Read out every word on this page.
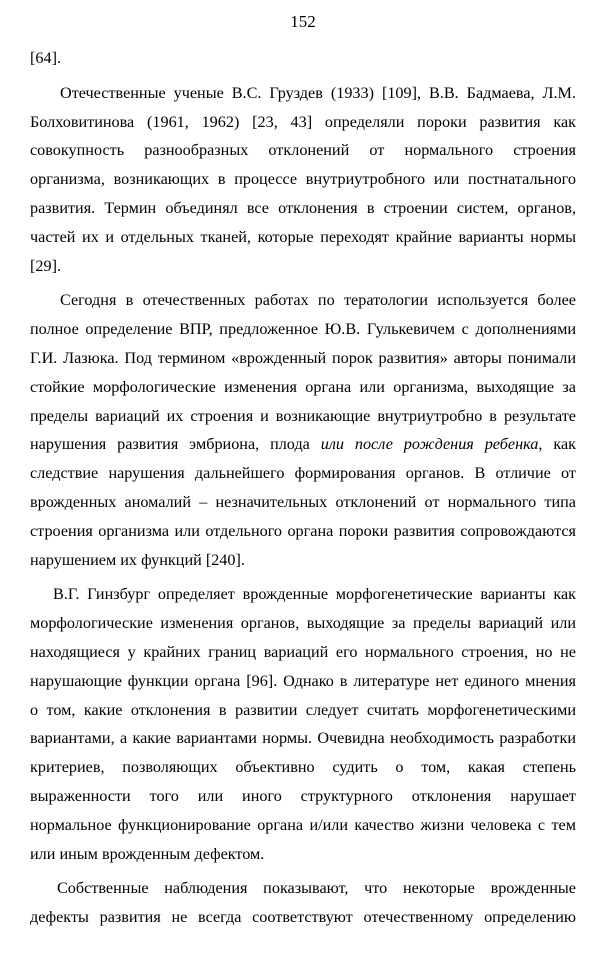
152
[64].
Отечественные ученые В.С. Груздев (1933) [109], В.В. Бадмаева, Л.М.
Болховитинова (1961, 1962) [23, 43] определяли пороки развития как
совокупность разнообразных отклонений от нормального строения
организма, возникающих в процессе внутриутробного или постнатального
развития. Термин объединял все отклонения в строении систем, органов,
частей их и отдельных тканей, которые переходят крайние варианты нормы
[29].
Сегодня в отечественных работах по тератологии используется более
полное определение ВПР, предложенное Ю.В. Гулькевичем с дополнениями
Г.И. Лазюка. Под термином «врожденный порок развития» авторы понимали
стойкие морфологические изменения органа или организма, выходящие за
пределы вариаций их строения и возникающие внутриутробно в результате
нарушения развития эмбриона, плода или после рождения ребенка, как
следствие нарушения дальнейшего формирования органов. В отличие от
врожденных аномалий – незначительных отклонений от нормального типа
строения организма или отдельного органа пороки развития сопровождаются
нарушением их функций [240].
В.Г. Гинзбург определяет врожденные морфогенетические варианты как
морфологические изменения органов, выходящие за пределы вариаций или
находящиеся у крайних границ вариаций его нормального строения, но не
нарушающие функции органа [96]. Однако в литературе нет единого мнения
о том, какие отклонения в развитии следует считать морфогенетическими
вариантами, а какие вариантами нормы. Очевидна необходимость разработки
критериев, позволяющих объективно судить о том, какая степень
выраженности того или иного структурного отклонения нарушает
нормальное функционирование органа и/или качество жизни человека с тем
или иным врожденным дефектом.
Собственные наблюдения показывают, что некоторые врожденные
дефекты развития не всегда соответствуют отечественному определению
